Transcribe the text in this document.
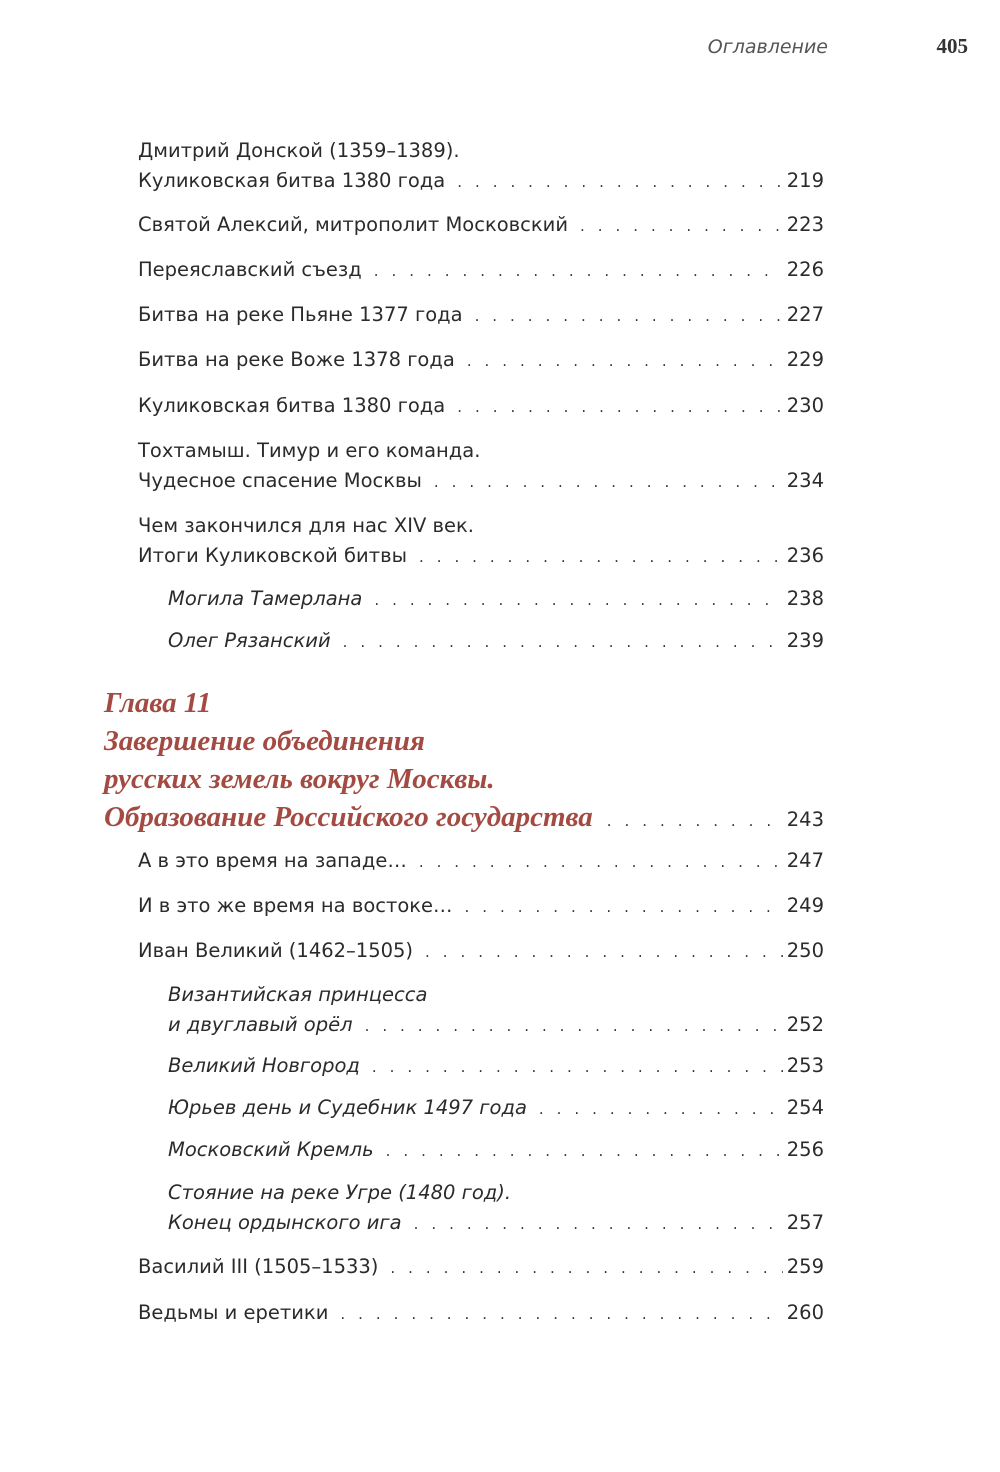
Оглавление	405
Дмитрий Донской (1359–1389).
Куликовская битва 1380 года . . .	219
Святой Алексий, митрополит Московский . . .	223
Переяславский съезд . . .	226
Битва на реке Пьяне 1377 года . . .	227
Битва на реке Воже 1378 года . . .	229
Куликовская битва 1380 года . . .	230
Тохтамыш. Тимур и его команда.
Чудесное спасение Москвы . . .	234
Чем закончился для нас XIV век.
Итоги Куликовской битвы . . .	236
Могила Тамерлана . . .	238
Олег Рязанский . . .	239
Глава 11
Завершение объединения
русских земель вокруг Москвы.
Образование Российского государства . . .	243
А в это время на западе… . . .	247
И в это же время на востоке… . . .	249
Иван Великий (1462–1505) . . .	250
Византийская принцесса
и двуглавый орёл . . .	252
Великий Новгород . . .	253
Юрьев день и Судебник 1497 года . . .	254
Московский Кремль . . .	256
Стояние на реке Угре (1480 год).
Конец ордынского ига . . .	257
Василий III (1505–1533) . . .	259
Ведьмы и еретики . . .	260
